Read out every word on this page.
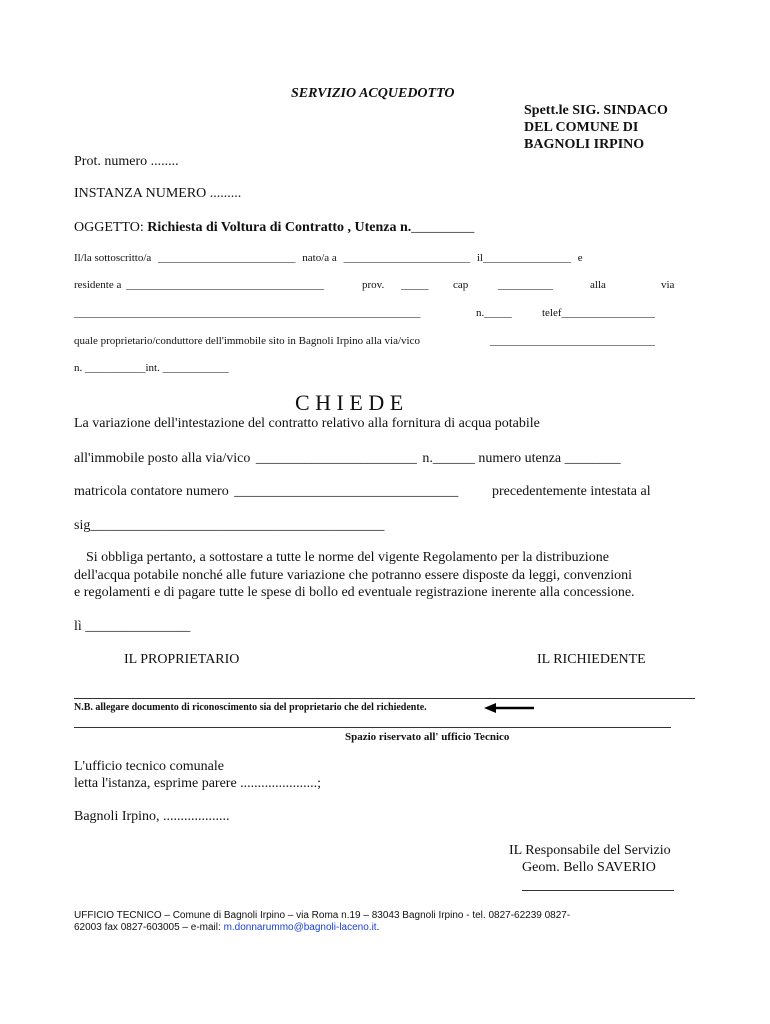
SERVIZIO ACQUEDOTTO
Spett.le SIG. SINDACO
DEL COMUNE DI
BAGNOLI IRPINO
Prot. numero ........
INSTANZA NUMERO .........
OGGETTO: Richiesta di Voltura di Contratto , Utenza n._________
Il/la sottoscritto/a _________________________ nato/a a _______________________ il________________ e
residente a ____________________________________	prov. _____ cap	__________	alla	via
_______________________________________________________________	n._____	telef_________________
quale proprietario/conduttore dell'immobile sito in Bagnoli Irpino alla via/vico	______________________________
n. ___________int. ____________
C H I E D E
La variazione dell'intestazione del contratto relativo alla fornitura di acqua potabile
all'immobile posto alla via/vico _______________________ n.______ numero utenza ________
matricola contatore numero ________________________________ precedentemente intestata al
sig__________________________________________
Si obbliga pertanto, a sottostare a tutte le norme del vigente Regolamento per la distribuzione
dell'acqua potabile nonché alle future variazione che potranno essere disposte da leggi, convenzioni
e regolamenti e di pagare tutte le spese di bollo ed eventuale registrazione inerente alla concessione.
lì _______________
IL PROPRIETARIO	IL RICHIEDENTE
N.B. allegare documento di riconoscimento sia del proprietario che del richiedente.
Spazio riservato all' ufficio Tecnico
L'ufficio tecnico comunale
letta l'istanza, esprime parere ......................;
Bagnoli Irpino, ...................
IL Responsabile del Servizio
Geom. Bello SAVERIO
UFFICIO TECNICO – Comune di Bagnoli Irpino – via Roma n.19 – 83043 Bagnoli Irpino - tel. 0827-62239 0827-
62003 fax 0827-603005 – e-mail: m.donnarummo@bagnoli-laceno.it.
